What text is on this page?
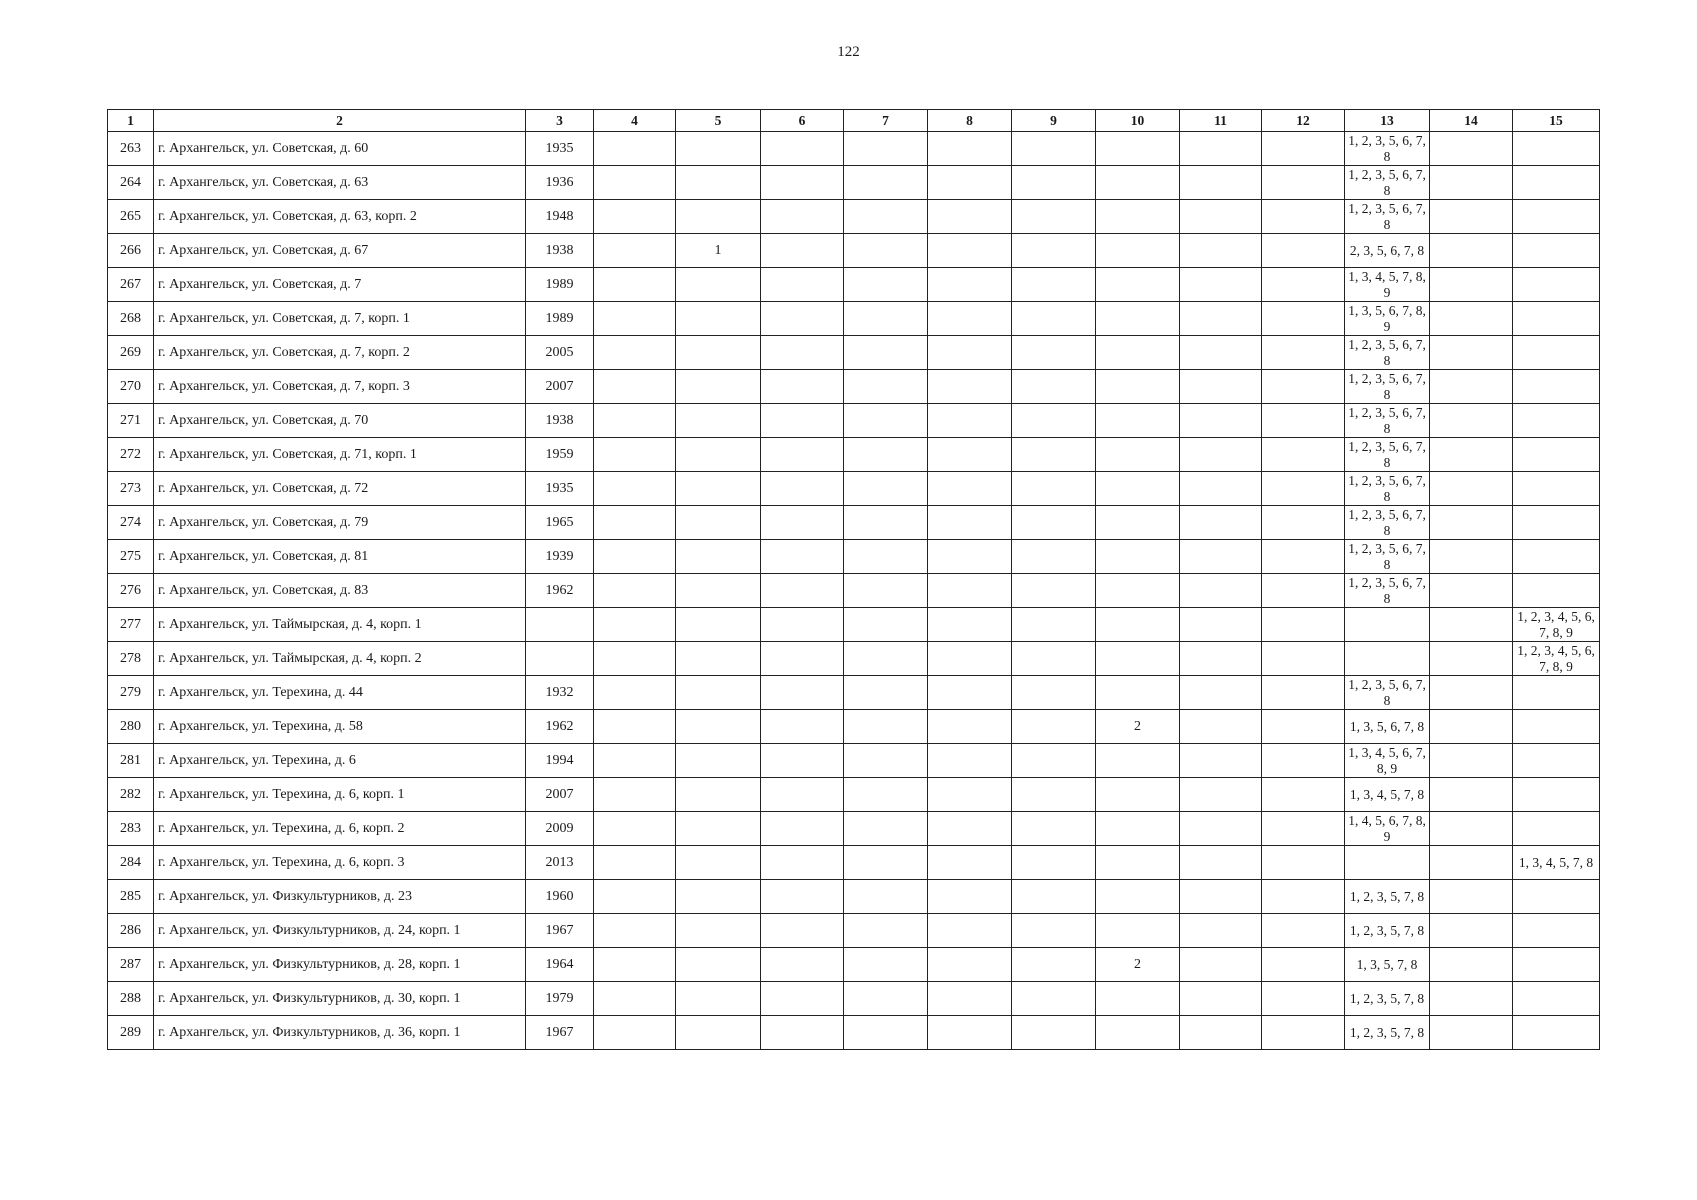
122
1	2	3	4	5	6	7	8	9	10	11	12	13	14	15
263	г. Архангельск, ул. Советская, д. 60	1935										1, 2, 3, 5, 6, 7, 8		
264	г. Архангельск, ул. Советская, д. 63	1936										1, 2, 3, 5, 6, 7, 8		
265	г. Архангельск, ул. Советская, д. 63, корп. 2	1948										1, 2, 3, 5, 6, 7, 8		
266	г. Архангельск, ул. Советская, д. 67	1938		1								2, 3, 5, 6, 7, 8		
267	г. Архангельск, ул. Советская, д. 7	1989										1, 3, 4, 5, 7, 8, 9		
268	г. Архангельск, ул. Советская, д. 7, корп. 1	1989										1, 3, 5, 6, 7, 8, 9		
269	г. Архангельск, ул. Советская, д. 7, корп. 2	2005										1, 2, 3, 5, 6, 7, 8		
270	г. Архангельск, ул. Советская, д. 7, корп. 3	2007										1, 2, 3, 5, 6, 7, 8		
271	г. Архангельск, ул. Советская, д. 70	1938										1, 2, 3, 5, 6, 7, 8		
272	г. Архангельск, ул. Советская, д. 71, корп. 1	1959										1, 2, 3, 5, 6, 7, 8		
273	г. Архангельск, ул. Советская, д. 72	1935										1, 2, 3, 5, 6, 7, 8		
274	г. Архангельск, ул. Советская, д. 79	1965										1, 2, 3, 5, 6, 7, 8		
275	г. Архангельск, ул. Советская, д. 81	1939										1, 2, 3, 5, 6, 7, 8		
276	г. Архангельск, ул. Советская, д. 83	1962										1, 2, 3, 5, 6, 7, 8		
277	г. Архангельск, ул. Таймырская, д. 4, корп. 1													1, 2, 3, 4, 5, 6, 7, 8, 9
278	г. Архангельск, ул. Таймырская, д. 4, корп. 2													1, 2, 3, 4, 5, 6, 7, 8, 9
279	г. Архангельск, ул. Терехина, д. 44	1932										1, 2, 3, 5, 6, 7, 8		
280	г. Архангельск, ул. Терехина, д. 58	1962							2			1, 3, 5, 6, 7, 8		
281	г. Архангельск, ул. Терехина, д. 6	1994										1, 3, 4, 5, 6, 7, 8, 9		
282	г. Архангельск, ул. Терехина, д. 6, корп. 1	2007										1, 3, 4, 5, 7, 8		
283	г. Архангельск, ул. Терехина, д. 6, корп. 2	2009										1, 4, 5, 6, 7, 8, 9		
284	г. Архангельск, ул. Терехина, д. 6, корп. 3	2013												1, 3, 4, 5, 7, 8
285	г. Архангельск, ул. Физкультурников, д. 23	1960										1, 2, 3, 5, 7, 8		
286	г. Архангельск, ул. Физкультурников, д. 24, корп. 1	1967										1, 2, 3, 5, 7, 8		
287	г. Архангельск, ул. Физкультурников, д. 28, корп. 1	1964							2			1, 3, 5, 7, 8		
288	г. Архангельск, ул. Физкультурников, д. 30, корп. 1	1979										1, 2, 3, 5, 7, 8		
289	г. Архангельск, ул. Физкультурников, д. 36, корп. 1	1967										1, 2, 3, 5, 7, 8		
